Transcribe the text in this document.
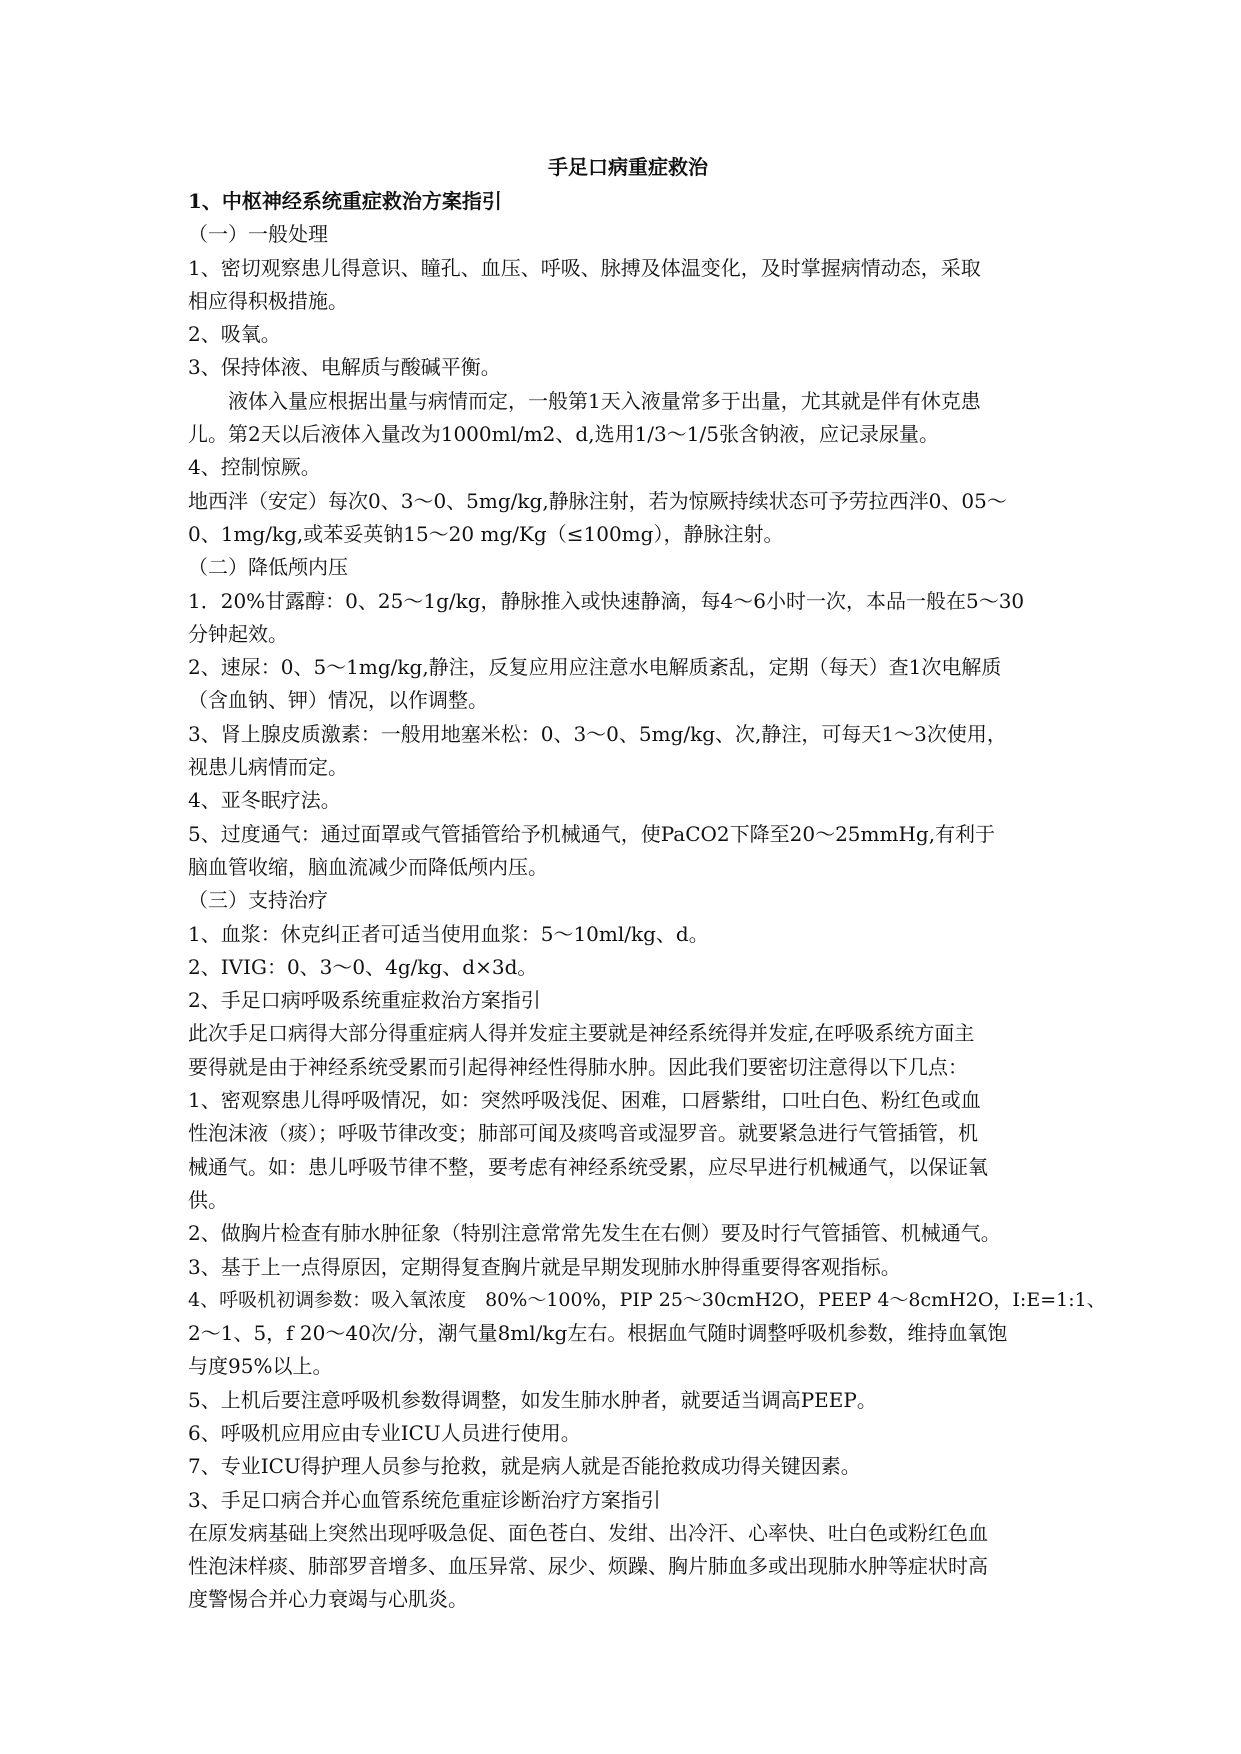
手足口病重症救治

1、中枢神经系统重症救治方案指引

（一）一般处理

1、密切观察患儿得意识、瞳孔、血压、呼吸、脉搏及体温变化，及时掌握病情动态，采取

相应得积极措施。

2、吸氧。

3、保持体液、电解质与酸碱平衡。

液体入量应根据出量与病情而定，一般第1天入液量常多于出量，尤其就是伴有休克患

儿。第2天以后液体入量改为1000ml/m2、d,选用1/3～1/5张含钠液，应记录尿量。

4、控制惊厥。

地西泮（安定）每次0、3～0、5mg/kg,静脉注射，若为惊厥持续状态可予劳拉西泮0、05～

0、1mg/kg,或苯妥英钠15～20 mg/Kg（≤100mg），静脉注射。

（二）降低颅内压

1．20%甘露醇：0、25～1g/kg，静脉推入或快速静滴，每4～6小时一次，本品一般在5～30

分钟起效。

2、速尿：0、5～1mg/kg,静注，反复应用应注意水电解质紊乱，定期（每天）查1次电解质

（含血钠、钾）情况，以作调整。

3、肾上腺皮质激素：一般用地塞米松：0、3～0、5mg/kg、次,静注，可每天1～3次使用，

视患儿病情而定。

4、亚冬眠疗法。

5、过度通气：通过面罩或气管插管给予机械通气，使PaCO2下降至20～25mmHg,有利于

脑血管收缩，脑血流减少而降低颅内压。

（三）支持治疗

1、血浆：休克纠正者可适当使用血浆：5～10ml/kg、d。

2、IVIG：0、3～0、4g/kg、d×3d。

2、手足口病呼吸系统重症救治方案指引

此次手足口病得大部分得重症病人得并发症主要就是神经系统得并发症,在呼吸系统方面主

要得就是由于神经系统受累而引起得神经性得肺水肿。因此我们要密切注意得以下几点：

1、密观察患儿得呼吸情况，如：突然呼吸浅促、困难，口唇紫绀，口吐白色、粉红色或血

性泡沫液（痰）；呼吸节律改变；肺部可闻及痰鸣音或湿罗音。就要紧急进行气管插管，机

械通气。如：患儿呼吸节律不整，要考虑有神经系统受累，应尽早进行机械通气，以保证氧

供。

2、做胸片检查有肺水肿征象（特别注意常常先发生在右侧）要及时行气管插管、机械通气。

3、基于上一点得原因，定期得复查胸片就是早期发现肺水肿得重要得客观指标。

4、呼吸机初调参数：吸入氧浓度　80%～100%，PIP 25～30cmH2O，PEEP 4～8cmH2O，I:E=1:1、

2～1、5，f 20～40次/分，潮气量8ml/kg左右。根据血气随时调整呼吸机参数，维持血氧饱

与度95%以上。

5、上机后要注意呼吸机参数得调整，如发生肺水肿者，就要适当调高PEEP。

6、呼吸机应用应由专业ICU人员进行使用。

7、专业ICU得护理人员参与抢救，就是病人就是否能抢救成功得关键因素。

3、手足口病合并心血管系统危重症诊断治疗方案指引

在原发病基础上突然出现呼吸急促、面色苍白、发绀、出冷汗、心率快、吐白色或粉红色血

性泡沫样痰、肺部罗音增多、血压异常、尿少、烦躁、胸片肺血多或出现肺水肿等症状时高

度警惕合并心力衰竭与心肌炎。
